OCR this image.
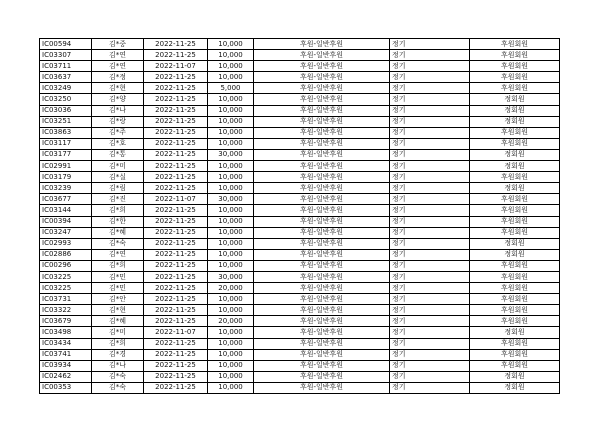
IC00594	김*중	2022-11-25	10,000	후원-일반후원	정기	후원회원
IC03307	김*연	2022-11-25	10,000	후원-일반후원	정기	후원회원
IC03711	김*연	2022-11-07	10,000	후원-일반후원	정기	후원회원
IC03637	김*정	2022-11-25	10,000	후원-일반후원	정기	후원회원
IC03249	김*현	2022-11-25	5,000	후원-일반후원	정기	후원회원
IC03250	김*양	2022-11-25	10,000	후원-일반후원	정기	정회원
IC03036	김*나	2022-11-25	10,000	후원-일반후원	정기	정회원
IC03251	김*랑	2022-11-25	10,000	후원-일반후원	정기	정회원
IC03863	김*주	2022-11-25	10,000	후원-일반후원	정기	후원회원
IC03117	김*호	2022-11-25	10,000	후원-일반후원	정기	후원회원
IC03177	김*통	2022-11-25	30,000	후원-일반후원	정기	정회원
IC02991	김*미	2022-11-25	10,000	후원-일반후원	정기	정회원
IC03179	김*실	2022-11-25	10,000	후원-일반후원	정기	후원회원
IC03239	김*림	2022-11-25	10,000	후원-일반후원	정기	정회원
IC03677	김*진	2022-11-07	30,000	후원-일반후원	정기	후원회원
IC03144	김*희	2022-11-25	10,000	후원-일반후원	정기	후원회원
IC00394	김*한	2022-11-25	10,000	후원-일반후원	정기	후원회원
IC03247	김*혜	2022-11-25	10,000	후원-일반후원	정기	후원회원
IC02993	김*숙	2022-11-25	10,000	후원-일반후원	정기	정회원
IC02886	김*연	2022-11-25	10,000	후원-일반후원	정기	정회원
IC00296	김*희	2022-11-25	10,000	후원-일반후원	정기	후원회원
IC03225	김*민	2022-11-25	30,000	후원-일반후원	정기	후원회원
IC03225	김*민	2022-11-25	20,000	후원-일반후원	정기	후원회원
IC03731	김*안	2022-11-25	10,000	후원-일반후원	정기	후원회원
IC03322	김*현	2022-11-25	10,000	후원-일반후원	정기	후원회원
IC03679	김*혜	2022-11-25	20,000	후원-일반후원	정기	후원회원
IC03498	김*미	2022-11-07	10,000	후원-일반후원	정기	정회원
IC03434	김*희	2022-11-25	10,000	후원-일반후원	정기	후원회원
IC03741	김*경	2022-11-25	10,000	후원-일반후원	정기	후원회원
IC03934	김*나	2022-11-25	10,000	후원-일반후원	정기	후원회원
IC02462	김*숙	2022-11-25	10,000	후원-일반후원	정기	정회원
IC00353	김*숙	2022-11-25	10,000	후원-일반후원	정기	정회원
